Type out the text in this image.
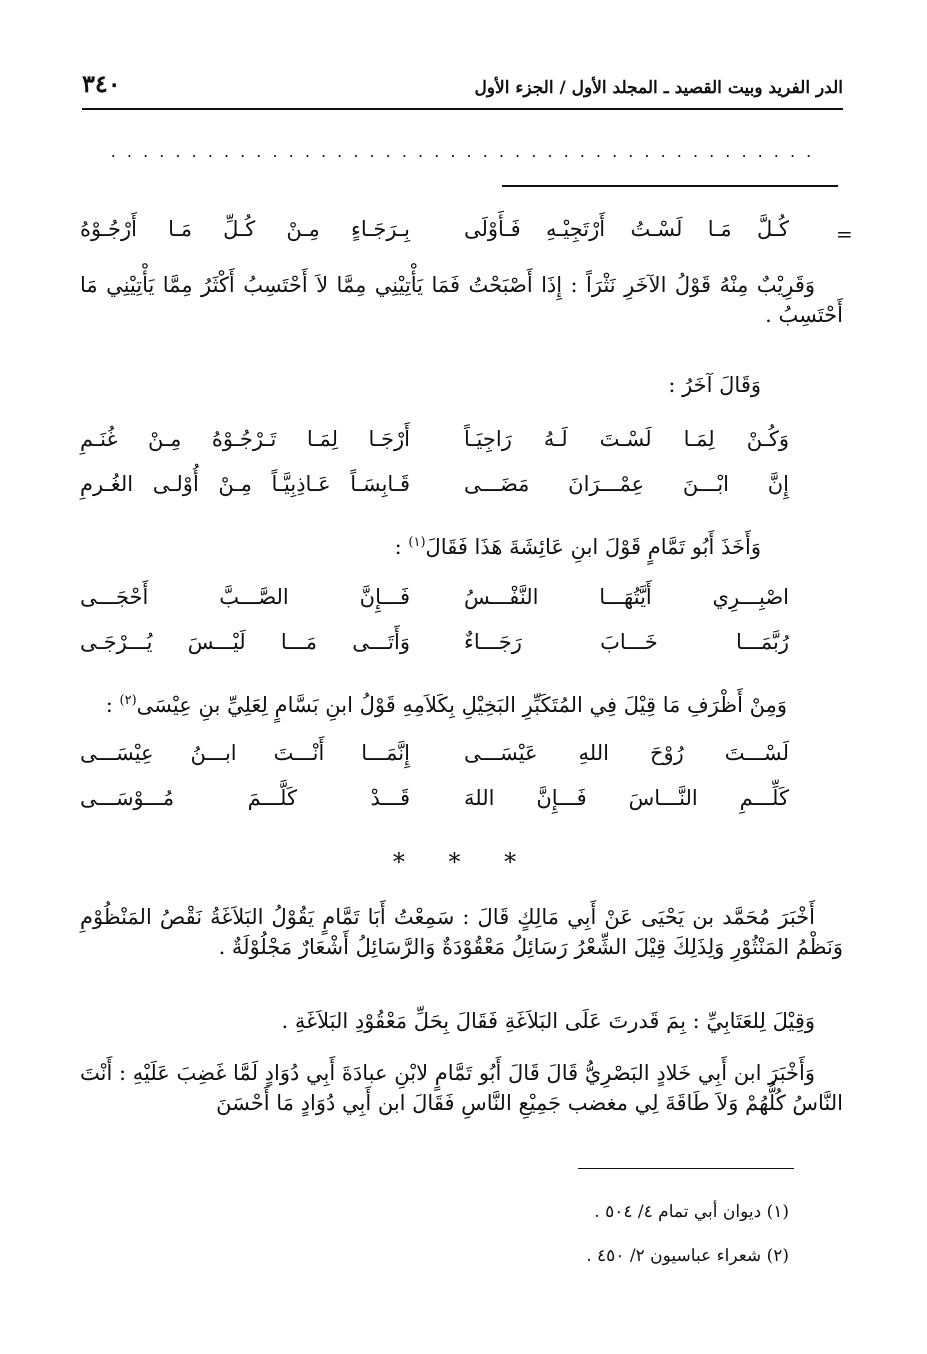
الدر الفريد وبيت القصيد ـ المجلد الأول / الجزء الأول
٣٤٠
. . . . . . . . . . . . . . . . . . . . . . . . . . . . . . . . . . . . . . . . . . . .
=
كُـلَّ مَـا لَسْـتُ أَرْتَجِيْـهِ فَـأَوْلَى
بِـرَجَـاءٍ مِـنْ كُـلِّ مَـا أَرْجُـوْهُ
وَقَرِيْبٌ مِنْهُ قَوْلُ الآخَرِ نَثْرَاً : إِذَا أَصْبَحْتُ فَمَا يَأْتِيْنِي مِمَّا لاَ أَحْتَسِبُ أَكْثَرُ مِمَّا يَأْتِيْنِي مَا أَحْتَسِبُ .
وَقَالَ آخَرُ :
وَكُـنْ لِمَـا لَسْـتَ لَـهُ رَاجِيَـاً
أَرْجَـا لِمَـا تَـرْجُـوْهُ مِـنْ غُنَـمِ
إِنَّ ابْـــنَ عِمْـــرَانَ مَضَـــى
قَـابِسَـاً عَـاذِبِيَّـاً مِـنْ أُوْلـى الغُـرمِ
وَأَخَذَ أَبُو تَمَّامٍ قَوْلَ ابنِ عَائِشَةَ هَذَا فَقَالَ$^{(١)}$ :
اصْبِـــرِي أَيَّتُهَـــا النَّفْـــسُ
فَـــإِنَّ الصَّـــبَّ أَحْجَـــى
رُبَّمَـــا خَـــابَ رَجَـــاءٌ
وَأَتَـــى مَـــا لَيْـــسَ يُـــرْجَـى
وَمِنْ أَظْرَفِ مَا قِيْلَ فِي المُتَكَبِّرِ البَخِيْلِ بِكَلاَمِهِ قَوْلُ ابنِ بَسَّامٍ لِعَلِيِّ بنِ عِيْسَى$^{(٢)}$ :
لَسْـــتَ رُوْحَ اللهِ عَيْسَـــى
إِنَّمَـــا أَنْـــتَ ابـــنُ عِيْسَـــى
كَلِّـــمِ النَّـــاسَ فَـــإِنَّ اللهَ
قَـــدْ كَلَّـــمَ مُـــوْسَـــى
* * *
أَخْبَرَ مُحَمَّد بن يَحْيَى عَنْ أَبِي مَالِكٍ قَالَ : سَمِعْتُ أَبَا تَمَّامٍ يَقُوْلُ البَلاَغَةُ نَقْصُ المَنْظُوْمِ وَنَظْمُ المَنْثُوْرِ وَلِذَلِكَ قِيْلَ الشِّعْرُ رَسَائِلُ مَعْقُوْدَةٌ وَالرَّسَائِلُ أَشْعَارٌ مَجْلُوْلَةٌ .
وَقِيْلَ لِلعَتَابِيِّ : بِمَ قَدرتَ عَلَى البَلاَغَةِ فَقَالَ بِحَلِّ مَعْقُوْدِ البَلاَغَةِ .
وَأَخْبَرَ ابن أَبِي خَلادٍ البَصْرِيُّ قَالَ قَالَ أَبُو تَمَّامٍ لابْنِ عبادَةَ أَبِي دُوَادٍ لَمَّا غَضِبَ عَلَيْهِ : أَنْتَ النَّاسُ كُلُّهُمْ وَلاَ طَاقَةَ لِي مغضب جَمِيْعِ النَّاسِ فَقَالَ ابن أَبِي دُوَادٍ مَا أَحْسَنَ
(١) ديوان أبي تمام ٤/ ٥٠٤ .
(٢) شعراء عباسيون ٢/ ٤٥٠ .
